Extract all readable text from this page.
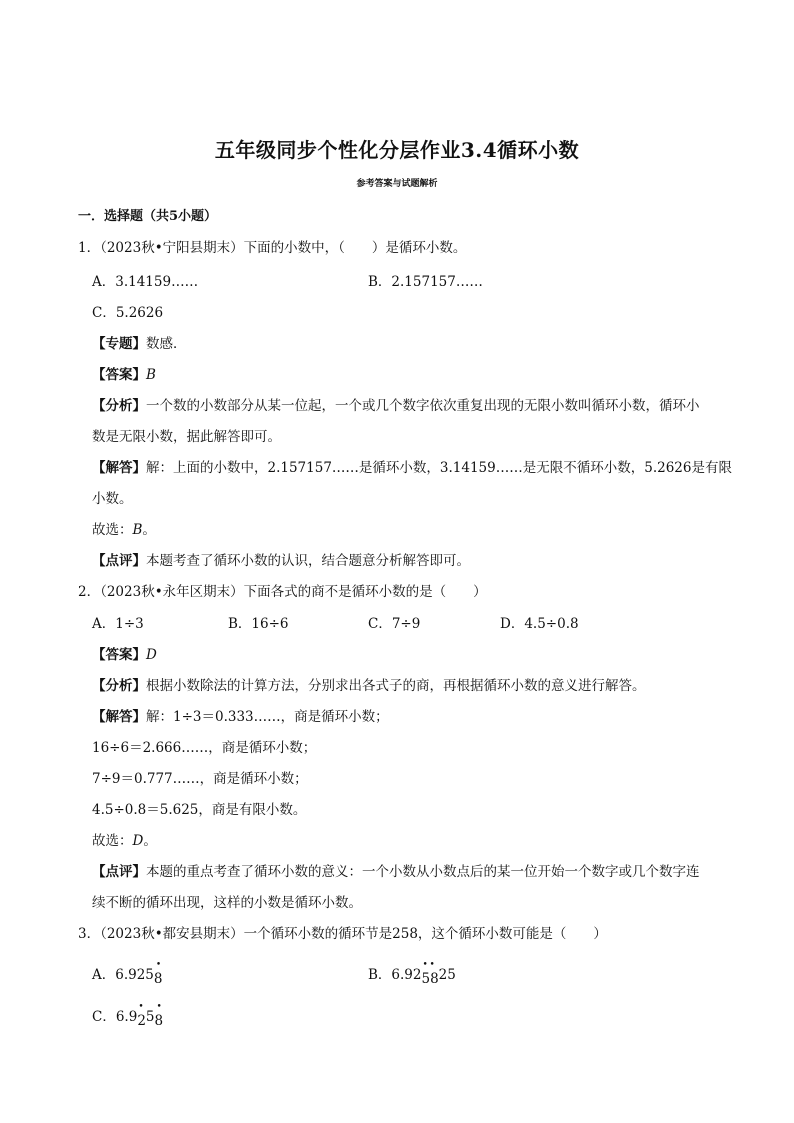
五年级同步个性化分层作业3.4循环小数
参考答案与试题解析
一．选择题（共5小题）
1．（2023秋•宁阳县期末）下面的小数中，（　　）是循环小数。
A．3.14159……	B．2.157157……
C．5.2626
【专题】数感．
【答案】B
【分析】一个数的小数部分从某一位起，一个或几个数字依次重复出现的无限小数叫循环小数，循环小
数是无限小数，据此解答即可。
【解答】解：上面的小数中，2.157157……是循环小数，3.14159……是无限不循环小数，5.2626是有限
小数。
故选：B。
【点评】本题考查了循环小数的认识，结合题意分析解答即可。
2．（2023秋•永年区期末）下面各式的商不是循环小数的是（　　）
A．1÷3	B．16÷6	C．7÷9	D．4.5÷0.8
【答案】D
【分析】根据小数除法的计算方法，分别求出各式子的商，再根据循环小数的意义进行解答。
【解答】解：1÷3＝0.333……，商是循环小数；
16÷6＝2.666……，商是循环小数；
7÷9＝0.777……，商是循环小数；
4.5÷0.8＝5.625，商是有限小数。
故选：D。
【点评】本题的重点考查了循环小数的意义：一个小数从小数点后的某一位开始一个数字或几个数字连
续不断的循环出现，这样的小数是循环小数。
3．（2023秋•都安县期末）一个循环小数的循环节是258，这个循环小数可能是（　　）
A．6.925
•
8	B．6.92
• •
5825
C．6.9
•
25
•
8
